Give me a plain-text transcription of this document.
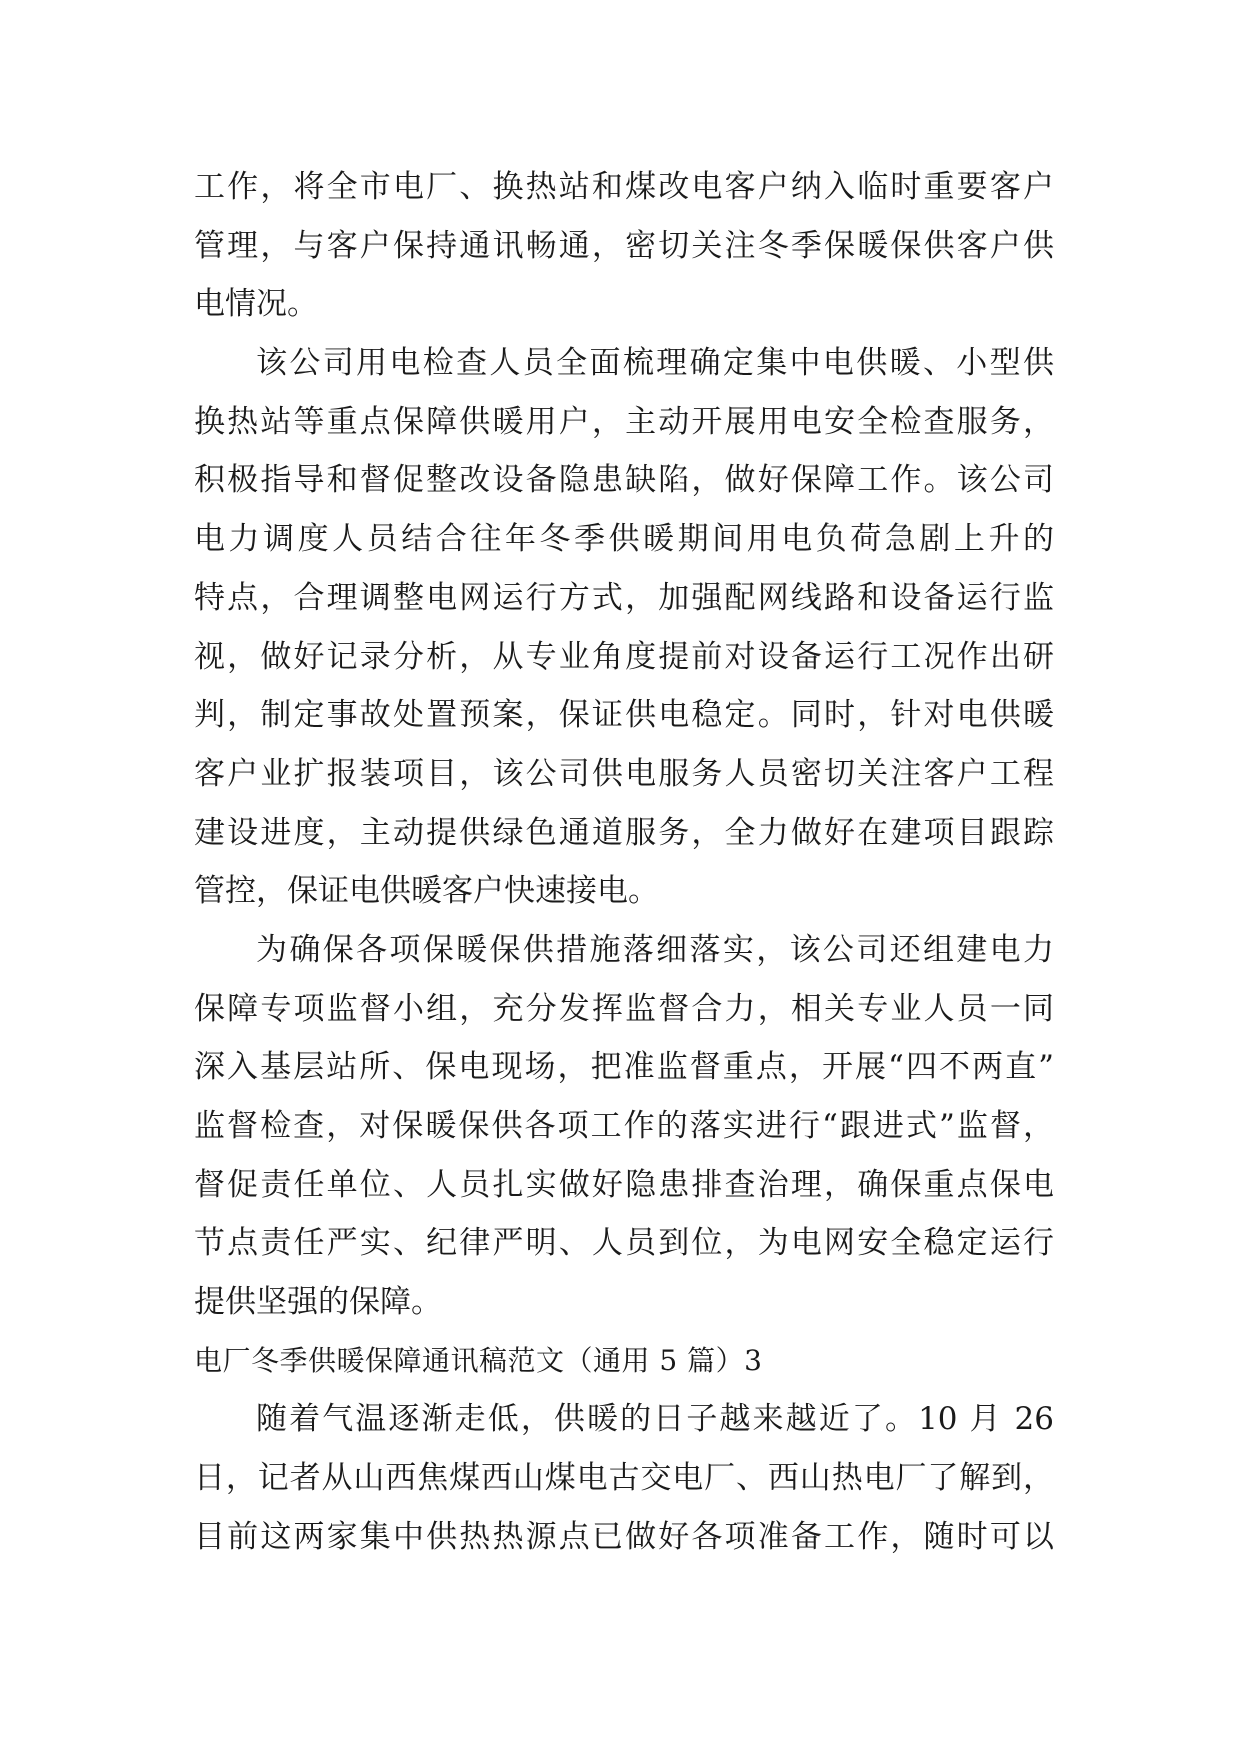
工作，将全市电厂、换热站和煤改电客户纳入临时重要客户
管理，与客户保持通讯畅通，密切关注冬季保暖保供客户供
电情况。
该公司用电检查人员全面梳理确定集中电供暖、小型供
换热站等重点保障供暖用户，主动开展用电安全检查服务，
积极指导和督促整改设备隐患缺陷，做好保障工作。该公司
电力调度人员结合往年冬季供暖期间用电负荷急剧上升的
特点，合理调整电网运行方式，加强配网线路和设备运行监
视，做好记录分析，从专业角度提前对设备运行工况作出研
判，制定事故处置预案，保证供电稳定。同时，针对电供暖
客户业扩报装项目，该公司供电服务人员密切关注客户工程
建设进度，主动提供绿色通道服务，全力做好在建项目跟踪
管控，保证电供暖客户快速接电。
为确保各项保暖保供措施落细落实，该公司还组建电力
保障专项监督小组，充分发挥监督合力，相关专业人员一同
深入基层站所、保电现场，把准监督重点，开展“四不两直”
监督检查，对保暖保供各项工作的落实进行“跟进式”监督，
督促责任单位、人员扎实做好隐患排查治理，确保重点保电
节点责任严实、纪律严明、人员到位，为电网安全稳定运行
提供坚强的保障。
电厂冬季供暖保障通讯稿范文（通用 5 篇）3
随着气温逐渐走低，供暖的日子越来越近了。10 月 26
日，记者从山西焦煤西山煤电古交电厂、西山热电厂了解到，
目前这两家集中供热热源点已做好各项准备工作，随时可以
